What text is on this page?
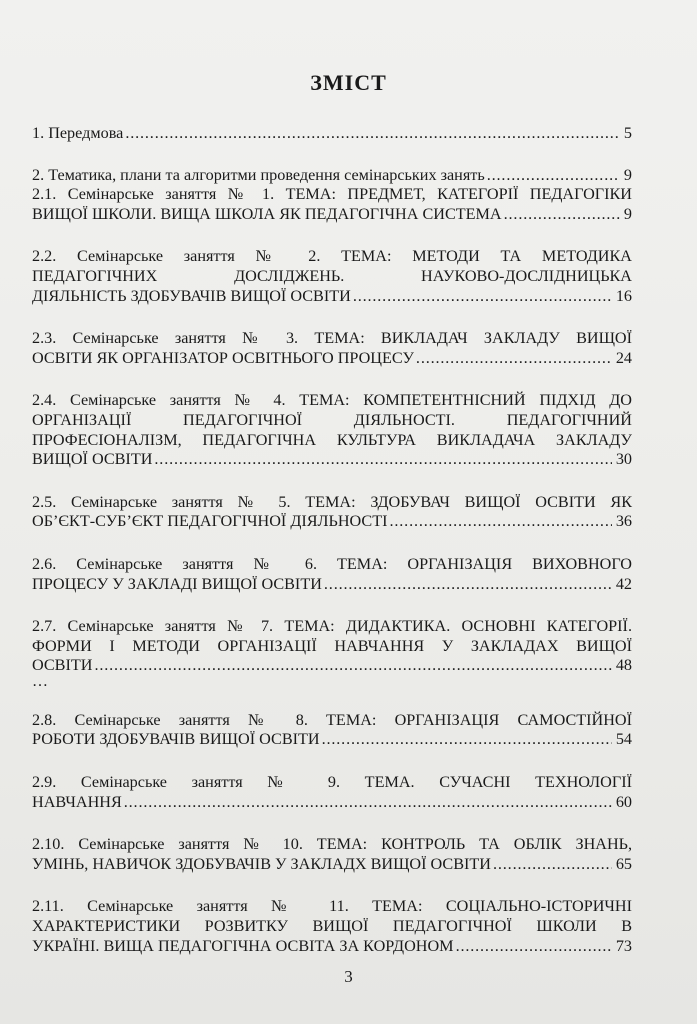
ЗМІСТ
1. Передмова . . .	5
2. Тематика, плани та алгоритми проведення семінарських занять . . .	9
2.1. Семінарське заняття № 1. ТЕМА: ПРЕДМЕТ, КАТЕГОРІЇ ПЕДАГОГІКИ
ВИЩОЇ ШКОЛИ. ВИЩА ШКОЛА ЯК ПЕДАГОГІЧНА СИСТЕМА . . .	9
2.2. Семінарське заняття № 2. ТЕМА: МЕТОДИ ТА МЕТОДИКА
ПЕДАГОГІЧНИХ ДОСЛІДЖЕНЬ. НАУКОВО-ДОСЛІДНИЦЬКА
ДІЯЛЬНІСТЬ ЗДОБУВАЧІВ ВИЩОЇ ОСВІТИ . . .	16
2.3. Семінарське заняття № 3. ТЕМА: ВИКЛАДАЧ ЗАКЛАДУ ВИЩОЇ
ОСВІТИ ЯК ОРГАНІЗАТОР ОСВІТНЬОГО ПРОЦЕСУ . . .	24
2.4. Семінарське заняття № 4. ТЕМА: КОМПЕТЕНТНІСНИЙ ПІДХІД ДО
ОРГАНІЗАЦІЇ ПЕДАГОГІЧНОЇ ДІЯЛЬНОСТІ. ПЕДАГОГІЧНИЙ
ПРОФЕСІОНАЛІЗМ, ПЕДАГОГІЧНА КУЛЬТУРА ВИКЛАДАЧА ЗАКЛАДУ
ВИЩОЇ ОСВІТИ . . .	30
2.5. Семінарське заняття № 5. ТЕМА: ЗДОБУВАЧ ВИЩОЇ ОСВІТИ ЯК
ОБ’ЄКТ-СУБ’ЄКТ ПЕДАГОГІЧНОЇ ДІЯЛЬНОСТІ . . .	36
2.6. Семінарське заняття № 6. ТЕМА: ОРГАНІЗАЦІЯ ВИХОВНОГО
ПРОЦЕСУ У ЗАКЛАДІ ВИЩОЇ ОСВІТИ . . .	42
2.7. Семінарське заняття № 7. ТЕМА: ДИДАКТИКА. ОСНОВНІ КАТЕГОРІЇ.
ФОРМИ І МЕТОДИ ОРГАНІЗАЦІЇ НАВЧАННЯ У ЗАКЛАДАХ ВИЩОЇ
ОСВІТИ . . .	48
…
2.8. Семінарське заняття № 8. ТЕМА: ОРГАНІЗАЦІЯ САМОСТІЙНОЇ
РОБОТИ ЗДОБУВАЧІВ ВИЩОЇ ОСВІТИ . . .	54
2.9. Семінарське заняття № 9. ТЕМА. СУЧАСНІ ТЕХНОЛОГІЇ
НАВЧАННЯ . . .	60
2.10. Семінарське заняття № 10. ТЕМА: КОНТРОЛЬ ТА ОБЛІК ЗНАНЬ,
УМІНЬ, НАВИЧОК ЗДОБУВАЧІВ У ЗАКЛАДХ ВИЩОЇ ОСВІТИ . . .	65
2.11. Семінарське заняття № 11. ТЕМА: СОЦІАЛЬНО-ІСТОРИЧНІ
ХАРАКТЕРИСТИКИ РОЗВИТКУ ВИЩОЇ ПЕДАГОГІЧНОЇ ШКОЛИ В
УКРАЇНІ. ВИЩА ПЕДАГОГІЧНА ОСВІТА ЗА КОРДОНОМ . . .	73
3
